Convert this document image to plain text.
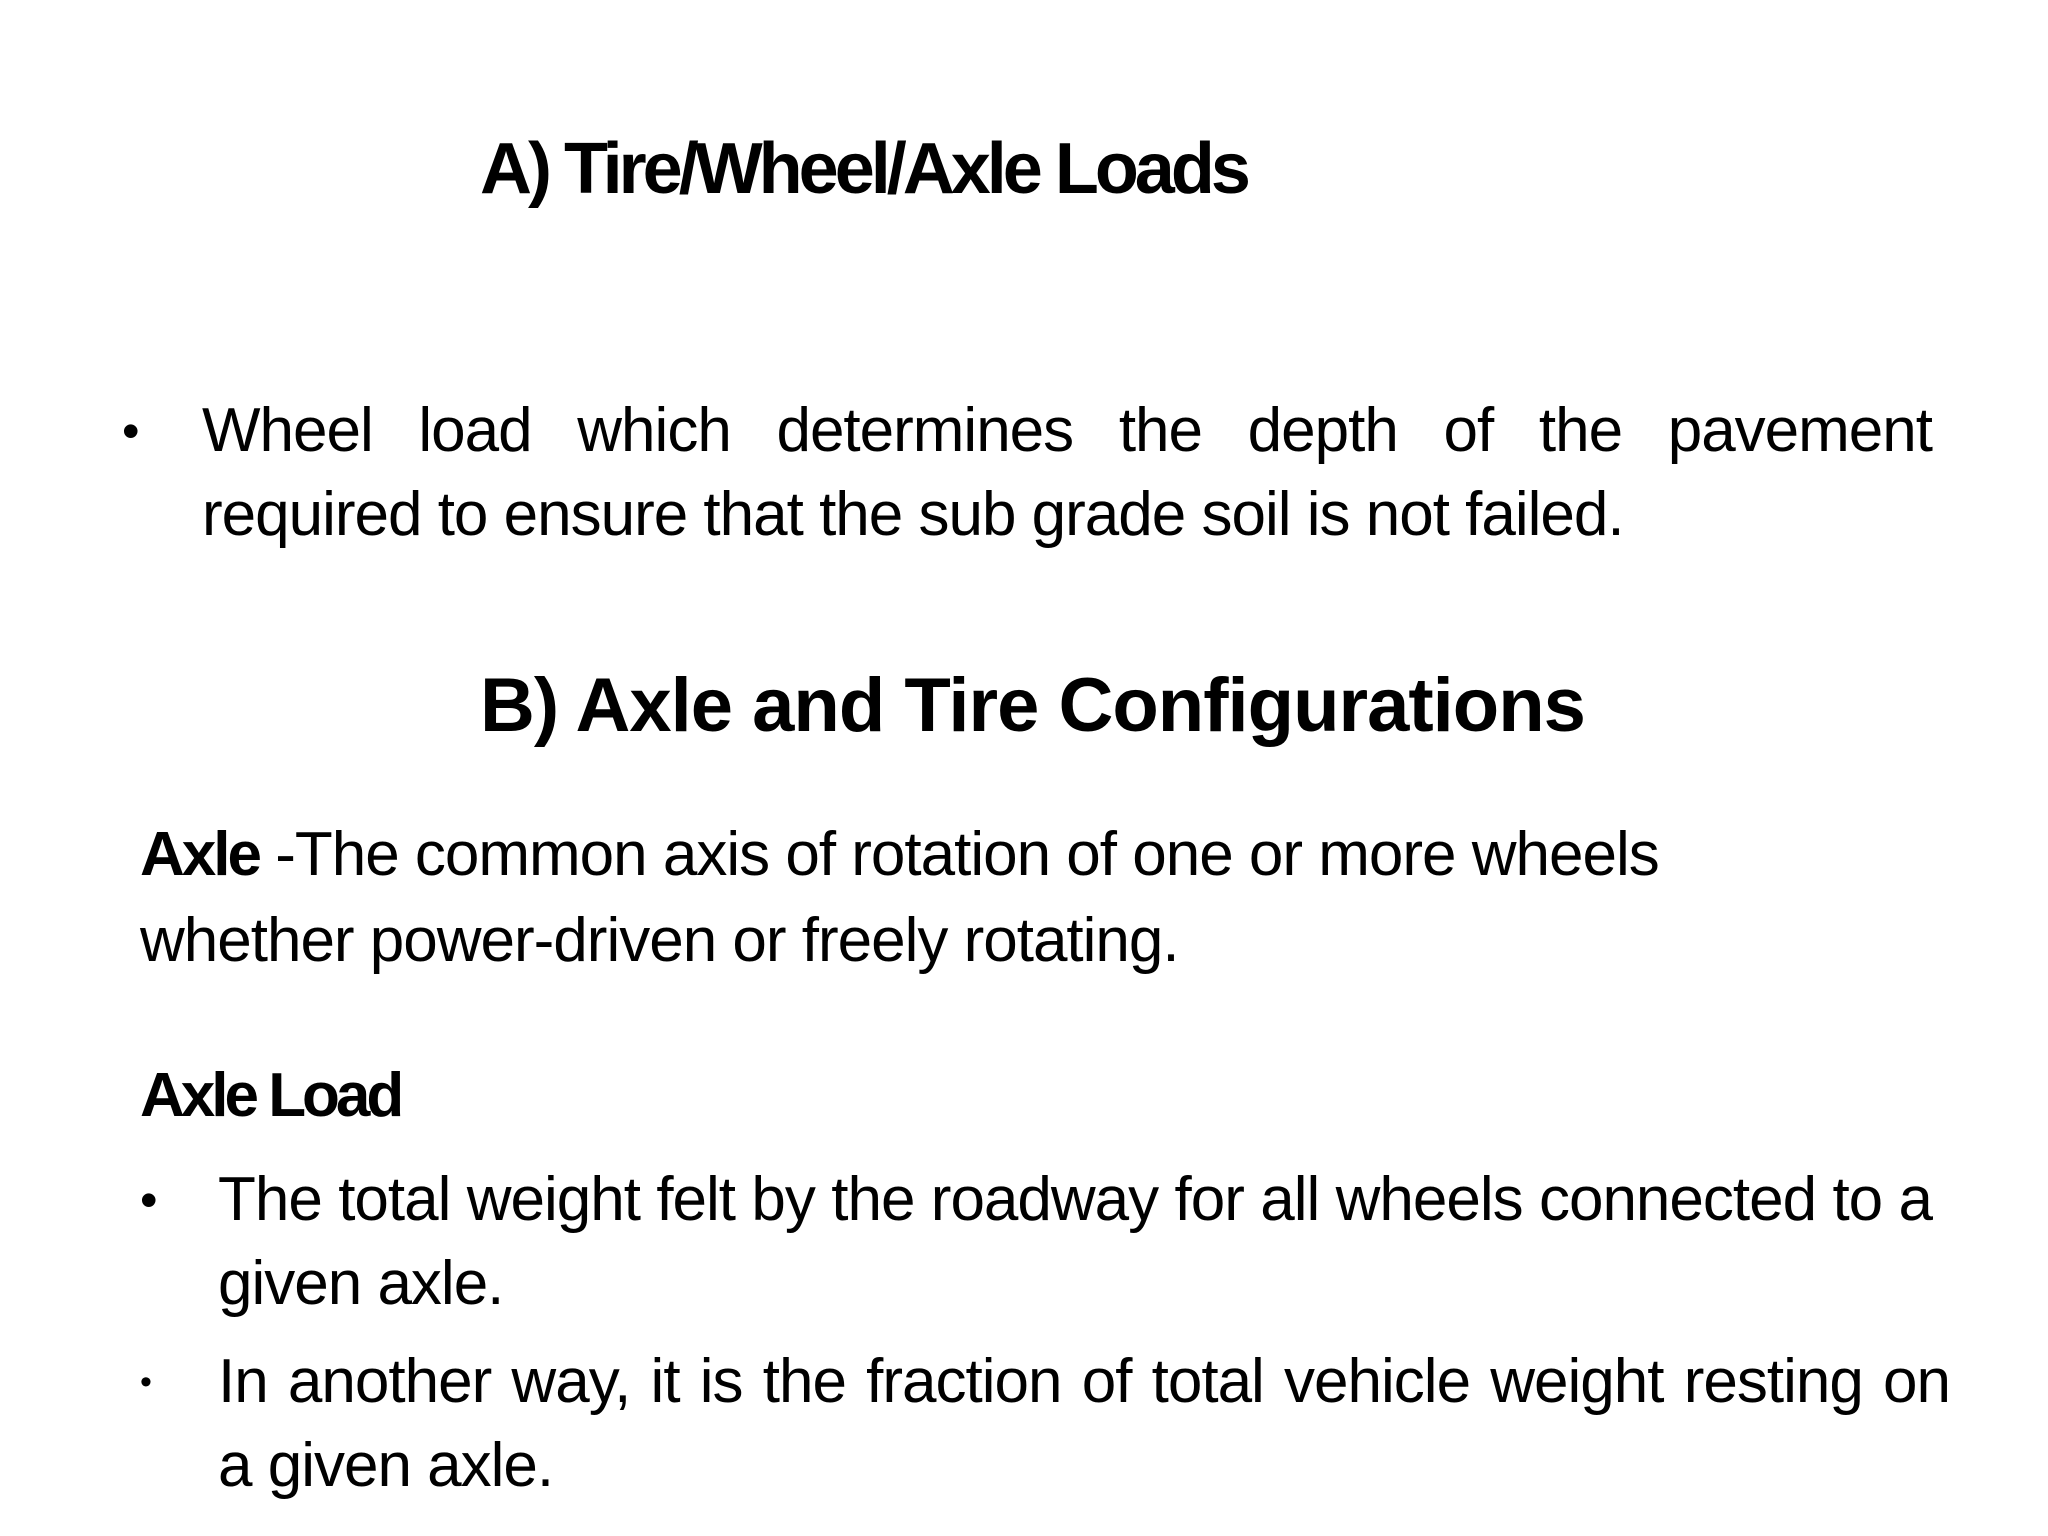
A) Tire/Wheel/Axle Loads
•	Wheel load which determines the depth of the pavement required to ensure that the sub grade soil is not failed.
B) Axle and Tire Configurations
Axle -The common axis of rotation of one or more wheels whether power-driven or freely rotating.
Axle Load
• The total weight felt by the roadway for all wheels connected to a given axle.
•	In another way, it is the fraction of total vehicle weight resting on a given axle.
